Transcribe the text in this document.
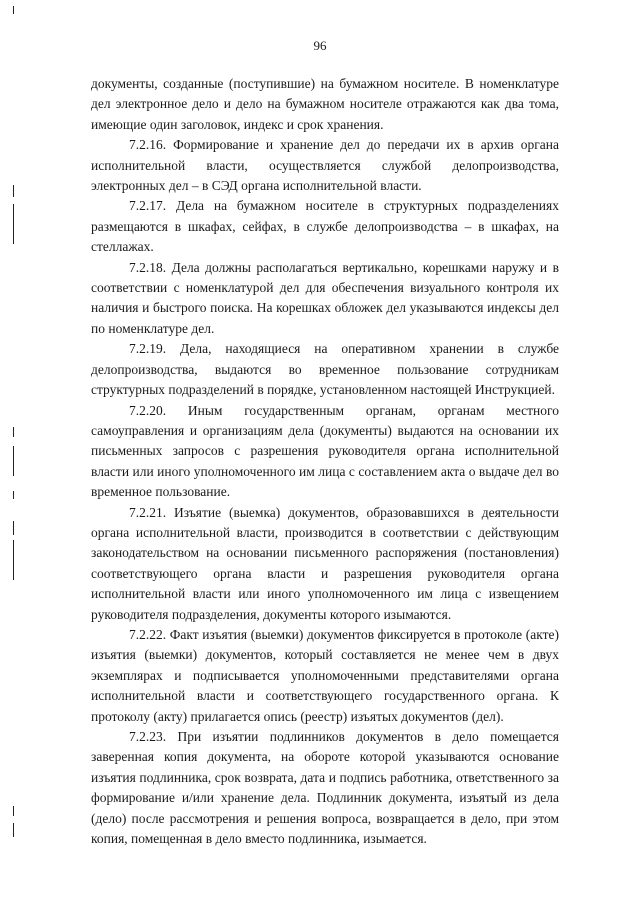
96

документы, созданные (поступившие) на бумажном носителе. В номенклатуре дел электронное дело и дело на бумажном носителе отражаются как два тома, имеющие один заголовок, индекс и срок хранения.

7.2.16. Формирование и хранение дел до передачи их в архив органа исполнительной власти, осуществляется службой делопроизводства, электронных дел – в СЭД органа исполнительной власти.

7.2.17. Дела на бумажном носителе в структурных подразделениях размещаются в шкафах, сейфах, в службе делопроизводства – в шкафах, на стеллажах.

7.2.18. Дела должны располагаться вертикально, корешками наружу и в соответствии с номенклатурой дел для обеспечения визуального контроля их наличия и быстрого поиска. На корешках обложек дел указываются индексы дел по номенклатуре дел.

7.2.19. Дела, находящиеся на оперативном хранении в службе делопроизводства, выдаются во временное пользование сотрудникам структурных подразделений в порядке, установленном настоящей Инструкцией.

7.2.20. Иным государственным органам, органам местного самоуправления и организациям дела (документы) выдаются на основании их письменных запросов с разрешения руководителя органа исполнительной власти или иного уполномоченного им лица с составлением акта о выдаче дел во временное пользование.

7.2.21. Изъятие (выемка) документов, образовавшихся в деятельности органа исполнительной власти, производится в соответствии с действующим законодательством на основании письменного распоряжения (постановления) соответствующего органа власти и разрешения руководителя органа исполнительной власти или иного уполномоченного им лица с извещением руководителя подразделения, документы которого изымаются.

7.2.22. Факт изъятия (выемки) документов фиксируется в протоколе (акте) изъятия (выемки) документов, который составляется не менее чем в двух экземплярах и подписывается уполномоченными представителями органа исполнительной власти и соответствующего государственного органа. К протоколу (акту) прилагается опись (реестр) изъятых документов (дел).

7.2.23. При изъятии подлинников документов в дело помещается заверенная копия документа, на обороте которой указываются основание изъятия подлинника, срок возврата, дата и подпись работника, ответственного за формирование и/или хранение дела. Подлинник документа, изъятый из дела (дело) после рассмотрения и решения вопроса, возвращается в дело, при этом копия, помещенная в дело вместо подлинника, изымается.
